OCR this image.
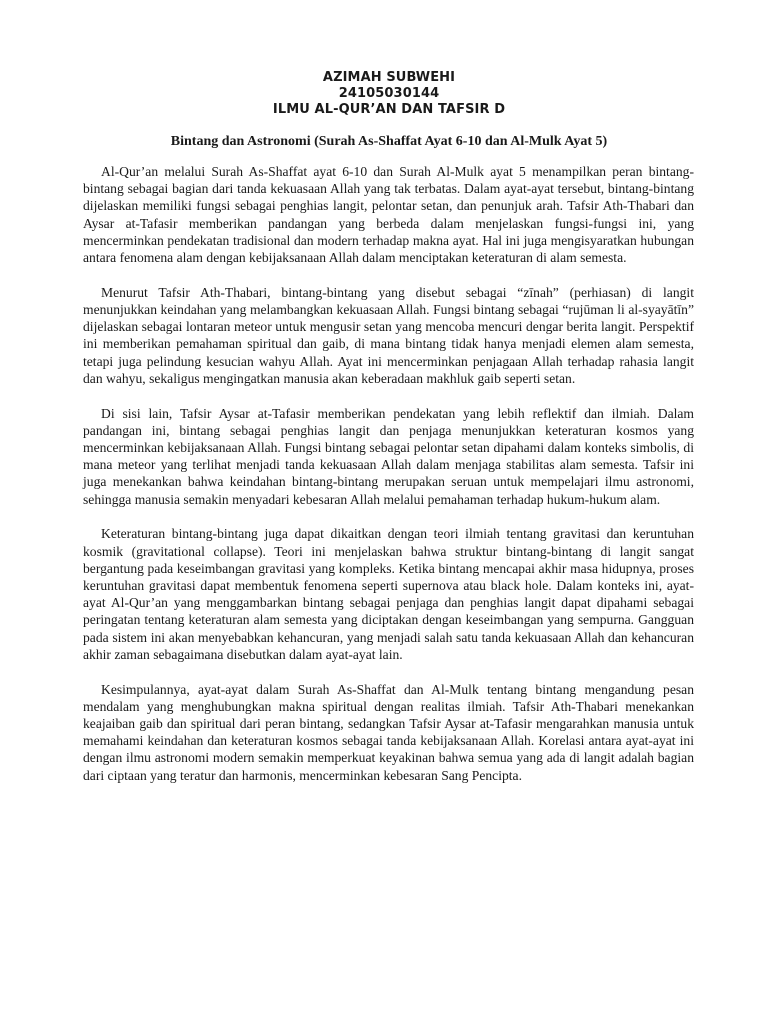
AZIMAH SUBWEHI
24105030144
ILMU AL-QUR’AN DAN TAFSIR D
Bintang dan Astronomi (Surah As-Shaffat Ayat 6-10 dan Al-Mulk Ayat 5)

Al-Qur’an melalui Surah As-Shaffat ayat 6-10 dan Surah Al-Mulk ayat 5 menampilkan peran bintang-bintang sebagai bagian dari tanda kekuasaan Allah yang tak terbatas. Dalam ayat-ayat tersebut, bintang-bintang dijelaskan memiliki fungsi sebagai penghias langit, pelontar setan, dan penunjuk arah. Tafsir Ath-Thabari dan Aysar at-Tafasir memberikan pandangan yang berbeda dalam menjelaskan fungsi-fungsi ini, yang mencerminkan pendekatan tradisional dan modern terhadap makna ayat. Hal ini juga mengisyaratkan hubungan antara fenomena alam dengan kebijaksanaan Allah dalam menciptakan keteraturan di alam semesta.

Menurut Tafsir Ath-Thabari, bintang-bintang yang disebut sebagai “zīnah” (perhiasan) di langit menunjukkan keindahan yang melambangkan kekuasaan Allah. Fungsi bintang sebagai “rujūman li al-syayātīn” dijelaskan sebagai lontaran meteor untuk mengusir setan yang mencoba mencuri dengar berita langit. Perspektif ini memberikan pemahaman spiritual dan gaib, di mana bintang tidak hanya menjadi elemen alam semesta, tetapi juga pelindung kesucian wahyu Allah. Ayat ini mencerminkan penjagaan Allah terhadap rahasia langit dan wahyu, sekaligus mengingatkan manusia akan keberadaan makhluk gaib seperti setan.

Di sisi lain, Tafsir Aysar at-Tafasir memberikan pendekatan yang lebih reflektif dan ilmiah. Dalam pandangan ini, bintang sebagai penghias langit dan penjaga menunjukkan keteraturan kosmos yang mencerminkan kebijaksanaan Allah. Fungsi bintang sebagai pelontar setan dipahami dalam konteks simbolis, di mana meteor yang terlihat menjadi tanda kekuasaan Allah dalam menjaga stabilitas alam semesta. Tafsir ini juga menekankan bahwa keindahan bintang-bintang merupakan seruan untuk mempelajari ilmu astronomi, sehingga manusia semakin menyadari kebesaran Allah melalui pemahaman terhadap hukum-hukum alam.

Keteraturan bintang-bintang juga dapat dikaitkan dengan teori ilmiah tentang gravitasi dan keruntuhan kosmik (gravitational collapse). Teori ini menjelaskan bahwa struktur bintang-bintang di langit sangat bergantung pada keseimbangan gravitasi yang kompleks. Ketika bintang mencapai akhir masa hidupnya, proses keruntuhan gravitasi dapat membentuk fenomena seperti supernova atau black hole. Dalam konteks ini, ayat-ayat Al-Qur’an yang menggambarkan bintang sebagai penjaga dan penghias langit dapat dipahami sebagai peringatan tentang keteraturan alam semesta yang diciptakan dengan keseimbangan yang sempurna. Gangguan pada sistem ini akan menyebabkan kehancuran, yang menjadi salah satu tanda kekuasaan Allah dan kehancuran akhir zaman sebagaimana disebutkan dalam ayat-ayat lain.

Kesimpulannya, ayat-ayat dalam Surah As-Shaffat dan Al-Mulk tentang bintang mengandung pesan mendalam yang menghubungkan makna spiritual dengan realitas ilmiah. Tafsir Ath-Thabari menekankan keajaiban gaib dan spiritual dari peran bintang, sedangkan Tafsir Aysar at-Tafasir mengarahkan manusia untuk memahami keindahan dan keteraturan kosmos sebagai tanda kebijaksanaan Allah. Korelasi antara ayat-ayat ini dengan ilmu astronomi modern semakin memperkuat keyakinan bahwa semua yang ada di langit adalah bagian dari ciptaan yang teratur dan harmonis, mencerminkan kebesaran Sang Pencipta.
